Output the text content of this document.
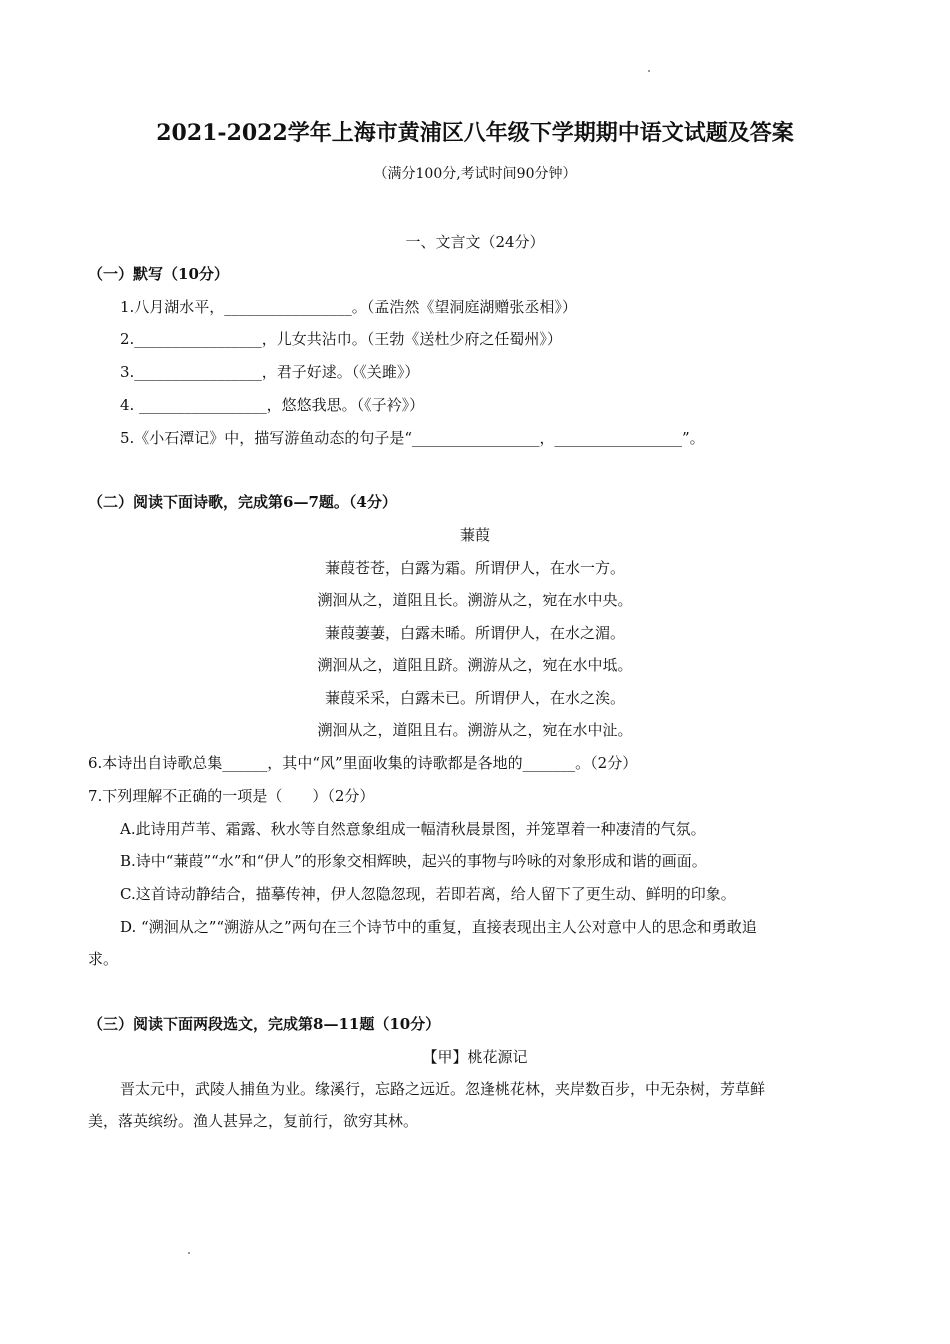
2021-2022学年上海市黄浦区八年级下学期期中语文试题及答案
（满分100分,考试时间90分钟）
一、文言文（24分）
（一）默写（10分）
1.八月湖水平，_________________。（孟浩然《望洞庭湖赠张丞相》）
2._________________，儿女共沾巾。（王勃《送杜少府之任蜀州》）
3._________________，君子好逑。（《关雎》）
4. _________________，悠悠我思。（《子衿》）
5.《小石潭记》中，描写游鱼动态的句子是“_________________，_________________”。
（二）阅读下面诗歌，完成第6—7题。（4分）
蒹葭
蒹葭苍苍，白露为霜。所谓伊人，在水一方。
溯洄从之，道阻且长。溯游从之，宛在水中央。
蒹葭萋萋，白露未晞。所谓伊人，在水之湄。
溯洄从之，道阻且跻。溯游从之，宛在水中坻。
蒹葭采采，白露未已。所谓伊人，在水之涘。
溯洄从之，道阻且右。溯游从之，宛在水中沚。
6.本诗出自诗歌总集______，其中“风”里面收集的诗歌都是各地的_______。（2分）
7.下列理解不正确的一项是（　　）（2分）
A.此诗用芦苇、霜露、秋水等自然意象组成一幅清秋晨景图，并笼罩着一种凄清的气氛。
B.诗中“蒹葭”“水”和“伊人”的形象交相辉映，起兴的事物与吟咏的对象形成和谐的画面。
C.这首诗动静结合，描摹传神，伊人忽隐忽现，若即若离，给人留下了更生动、鲜明的印象。
D. “溯洄从之”“溯游从之”两句在三个诗节中的重复，直接表现出主人公对意中人的思念和勇敢追
求。
（三）阅读下面两段选文，完成第8—11题（10分）
【甲】桃花源记
晋太元中，武陵人捕鱼为业。缘溪行，忘路之远近。忽逢桃花林，夹岸数百步，中无杂树，芳草鲜
美，落英缤纷。渔人甚异之，复前行，欲穷其林。
